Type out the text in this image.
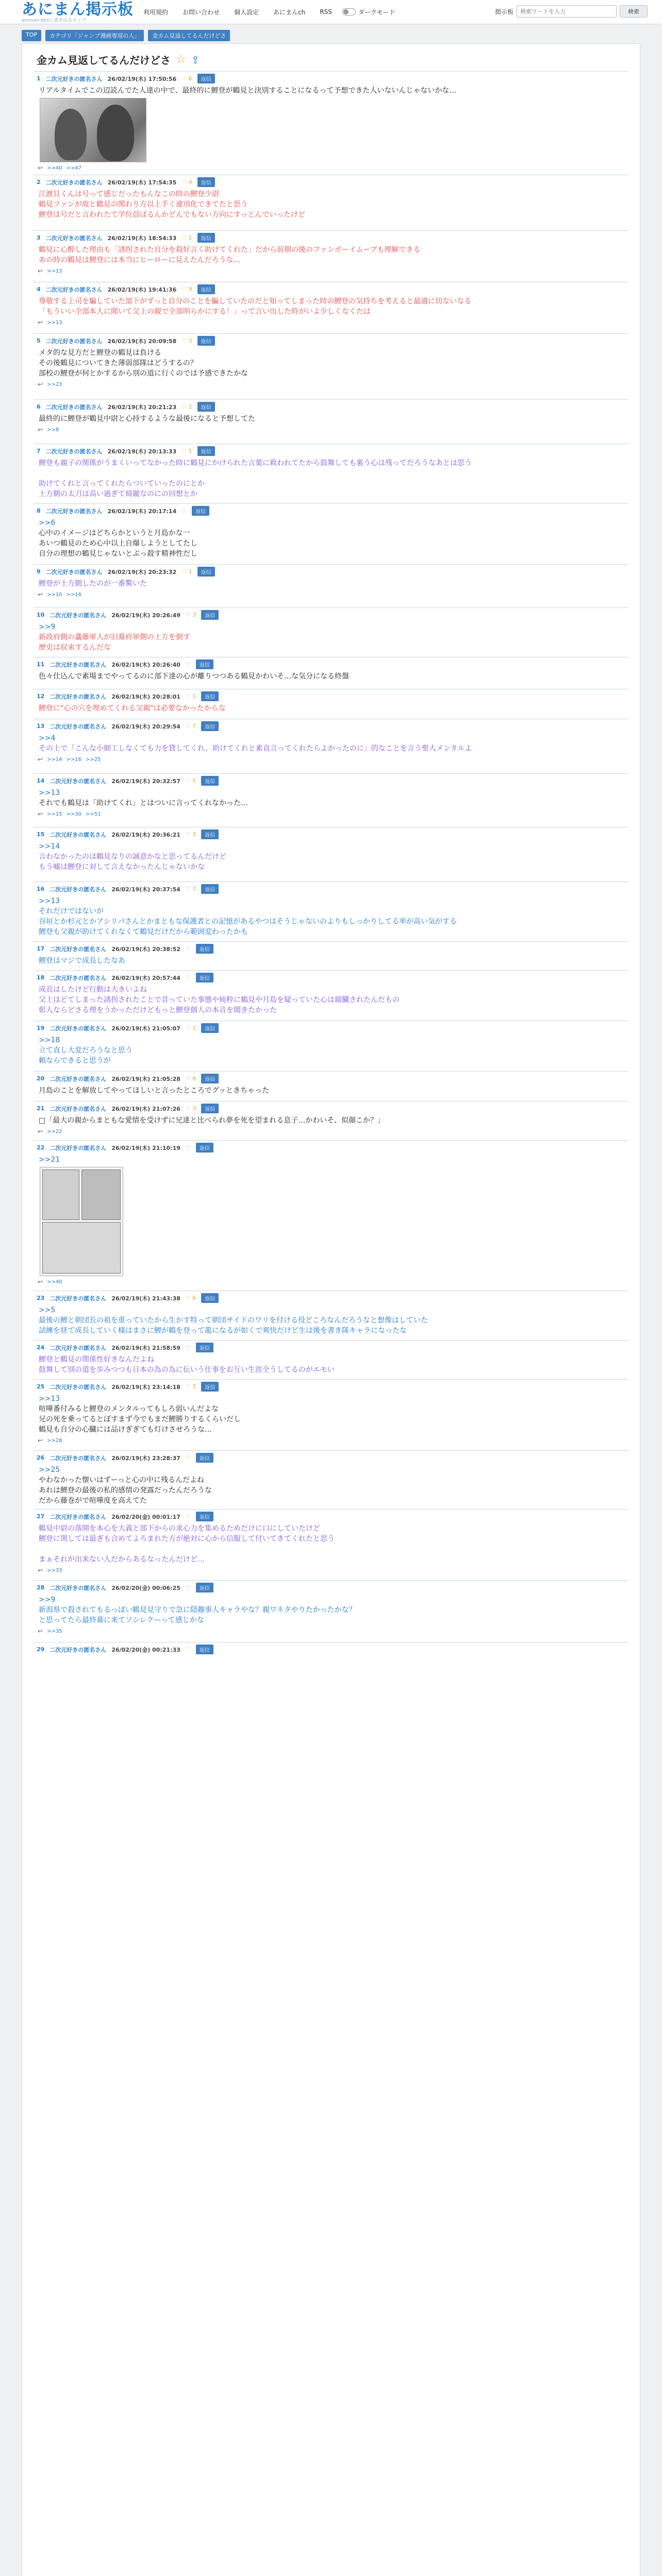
あにまん掲示板
animan-bbsに書き込みポップ
利用規約	お問い合わせ	個人設定	あにまんch	RSS	ダークモード	掲示板
検索ワードを入力	検索
TOP	カテゴリ「ジャンプ漫画専用の人」	金カム見返してるんだけどさ
金カム見返してるんだけどさ ☆ ⇪
1 二次元好きの匿名さん 26/02/19(木) 17:50:56 ♡ 6	返信

リアルタイムでこの辺読んでた人達の中で、最終的に鯉登が鶴見と決別することになるって予想できた人いないんじゃないかな…

↩ >>40 >>47
2 二次元好きの匿名さん 26/02/19(木) 17:54:35 ♡ 4	返信

江渡貝くんは号って感じだったもんなこの時の鯉登少尉

鶴見ファンが故と鶴見の関わり方以上手く違別化できてたと思う

鯉登は号だと言われたて学位員ばるんかどんでもない方向にすっとんでいったけど

3 二次元好きの匿名さん 26/02/19(木) 18:54:33 ♡ 1	返信

鶴見に心酔した理由も「誘拐された自分を殺好言く助けてくれた」だから前期の後のファンボーイムーブも理解できる

あの時の鶴見は鯉登には本当にヒーローに見えたんだろうな…

↩ >>13
4 二次元好きの匿名さん 26/02/19(木) 19:41:36 ♡ 9	返信

尊敬する上司を騙していた部下がずっと自分のことを騙していたのだと知ってしまった時の鯉登の気持ちを考えると最適に切ないなる

「もういい全部本人に聞いて父上の親で全部明らかにする！」って言い出した時がいよ少しくなくたは

↩ >>13
5 二次元好きの匿名さん 26/02/19(木) 20:09:58 ♡ 3	返信

メタ的な見方だと鯉登の鶴見は負ける

その後鶴見についてきた薄弱部隊はどうするの？

部校の鯉登が何とかするから別の道に行くのでは予感できたかな

↩ >>23
6 二次元好きの匿名さん 26/02/19(木) 20:21:23 ♡ 2	返信

最終的に鯉登が鶴見中尉と心持するような最後になると予想してた

↩ >>8
7 二次元好きの匿名さん 26/02/19(木) 20:13:33 ♡ 1	返信

鯉登も親子の関係がうまくいってなかった時に鶴見にかけられた言葉に救われてたから鼓舞しても裏う心は残ってだろうなあとは思う

助けてくれと言ってくれたらついていったのにとか

土方側の太刀は高い過ぎて綺麗なのにの回想とか

8 二次元好きの匿名さん 26/02/19(木) 20:17:14 ♡	返信

>>6

心中のイメージはどちらかというと月島かな一

あいつ鶴見のため心中以上自爆しようとしてたし

自分の理想の鶴見じゃないとぶっ殺す精神性だし

9 二次元好きの匿名さん 26/02/19(木) 20:23:32 ♡ 1	返信

鯉登が土方側したのが一番驚いた

↩ >>10 >>16
10 二次元好きの匿名さん 26/02/19(木) 20:26:49 ♡ 3	返信

>>9

新政府側の蘆藤軍人が旧幕府軍側の土方を倒す

歴史は収束するんだな

11 二次元好きの匿名さん 26/02/19(木) 20:26:40 ♡	返信

色々仕込んで素場までやってるのに部下達の心が離りつつある鶴見かわいそ…な気分になる終盤

12 二次元好きの匿名さん 26/02/19(木) 20:28:01 ♡ 1	返信

鯉登に"心の穴を埋めてくれる父親"は必要なかったからな

13 二次元好きの匿名さん 26/02/19(木) 20:29:54 ♡ 7	返信

>>4

その上で「こんな小細工しなくても力を貸してくれ、助けてくれと素直言ってくれたらよかったのに」的なことを言う聖人メンタルよ

↩ >>14 >>16 >>25
14 二次元好きの匿名さん 26/02/19(木) 20:32:57 ♡ 5	返信

>>13

それでも鶴見は「助けてくれ」とはついに言ってくれなかった…

↩ >>15 >>30 >>51
15 二次元好きの匿名さん 26/02/19(木) 20:36:21 ♡ 3	返信

>>14

言わなかったのは鶴見なりの誠意かなと思ってるんだけど

もう嘘は鯉登に対して言えなかったんじゃないかな

16 二次元好きの匿名さん 26/02/19(木) 20:37:54 ♡ 7	返信

>>13

それだけではないが

谷垣とか杉元とかアシリパさんとかまともな保護者との記憶があるやつはそうじゃないのよりもしっかりしてる率が高い気がする

鯉登も父親が助けてくれなくて鶴見だけだから範囲変わったかも

17 二次元好きの匿名さん 26/02/19(木) 20:38:52 ♡	返信

鯉登はマジで成長したなあ

18 二次元好きの匿名さん 26/02/19(木) 20:57:44 ♡	返信

成長はしたけど行動は大きいよね

父上はどてしまった誘拐されたことで昔っていた事態や純粋に鶴見や月島を疑っていた心は腐臓されたんだもの

彰人ならどさる理をうかっただけどもっと鯉登個人の本音を聞きたかった

19 二次元好きの匿名さん 26/02/19(木) 21:05:07 ♡ 1	返信

>>18

立て直し大変だろうなと思う

頼ならできると思うが

20 二次元好きの匿名さん 26/02/19(木) 21:05:28 ♡ 6	返信

月島のことを解放してやってほしいと言ったところでグッときちゃった

21 二次元好きの匿名さん 26/02/19(木) 21:07:26 ♡ 3	返信

□「最大の親からまともな愛情を受けずに兄達と比べられ夢を死を望まれる息子…かわいそ、似顔こか？」

↩ >>22
22 二次元好きの匿名さん 26/02/19(木) 21:10:19 ♡	返信

>>21

↩ >>40
23 二次元好きの匿名さん 26/02/19(木) 21:43:38 ♡ 6	返信

>>5

最後の鯉と朝団長の祖を重っていたから生かす特って朝団サイドのワリを付ける役どころなんだろうなと想像はしていた

試練を経て成長していく様はまさに鯉が鶴を登って龍になるが如くで爽快だけど生は後を書き隊キャラになったな

24 二次元好きの匿名さん 26/02/19(木) 21:58:59 ♡	返信

鯉登と鶴見の関係性好きなんだよね

鼓舞して別の道を歩みつつも日本の為の為に伝いう仕事をお互い生涯全うしてるのがエモい

25 二次元好きの匿名さん 26/02/19(木) 23:14:18 ♡ 3	返信

>>13

喧嘩番付みると鯉登のメンタルってもしろ弱いんだよな

兄の死を乗ってるとぼすまず今でもまだ鯉勝りするくらいだし

鶴見も自分の心臓には品けぎぎても灯けさせろうな…

↩ >>28
26 二次元好きの匿名さん 26/02/19(木) 23:28:37 ♡	返信

>>25

やわなかった懐いはずーっと心の中に残るんだよね

あれは鯉登の最後の私的感情の発露だったんだろうな

だから藤巻がで喧嘩度を高えてた

27 二次元好きの匿名さん 26/02/20(金) 00:01:17 ♡	返信

鶴見中尉の落開を本心を大義と部下からの求心力を集めるためだけに口にしていたけど

鯉登に関しては最ぎも合めてよろまれた方が絶対に心から信服して付いてきてくれたと思う

まぁそれが出来ない人だからあるなったんだけど…

↩ >>33
28 二次元好きの匿名さん 26/02/20(金) 00:06:25 ♡	返信

>>9

新潟県で殺されてもるっぽい鶴見見守りで急に隠趣事人キャラやな？親ワネタやりたかったかな？

と思ってたら最終幕に来てソシレクーって感じかな

↩ >>35
29 二次元好きの匿名さん 26/02/20(金) 00:21:33 ♡	返信
